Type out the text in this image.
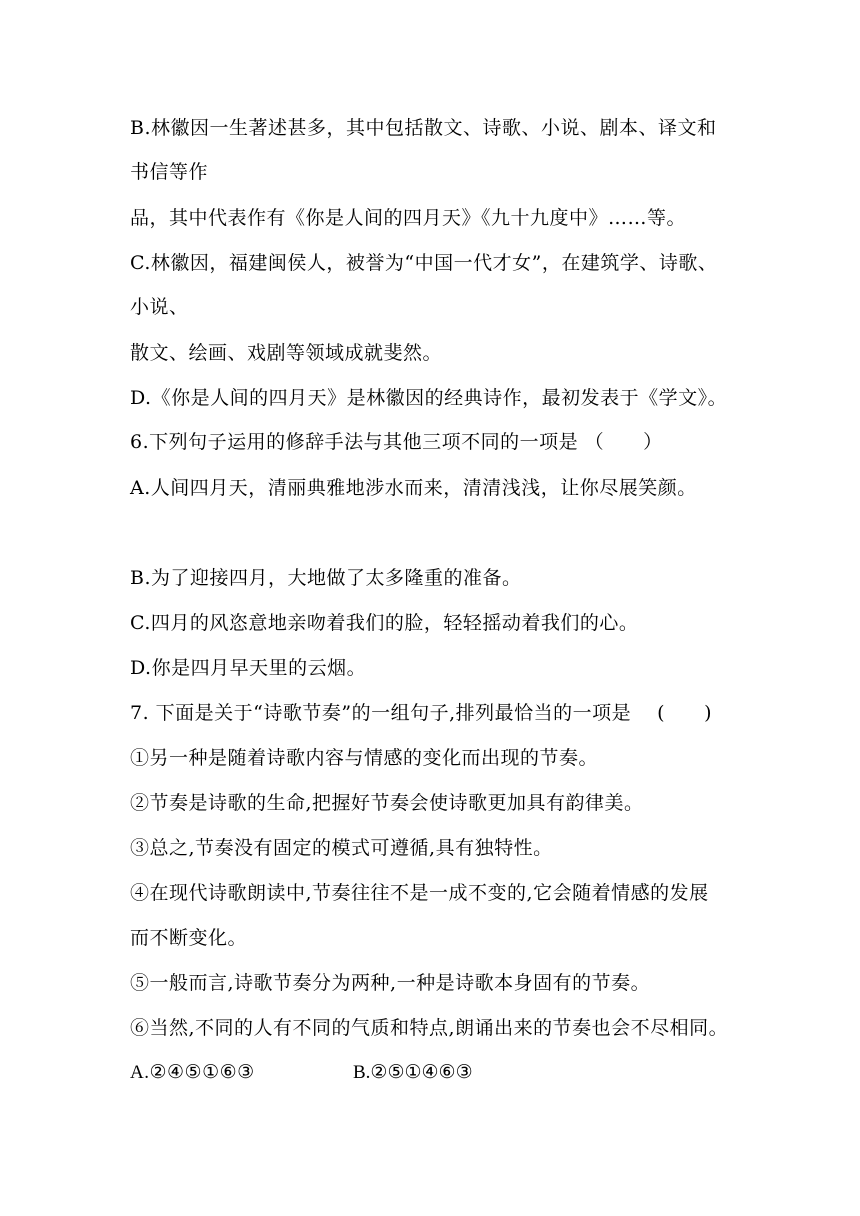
B.林徽因一生著述甚多，其中包括散文、诗歌、小说、剧本、译文和
书信等作
品，其中代表作有《你是人间的四月天》《九十九度中》……等。
C.林徽因，福建闽侯人，被誉为“中国一代才女”，在建筑学、诗歌、
小说、
散文、绘画、戏剧等领域成就斐然。
D.《你是人间的四月天》是林徽因的经典诗作，最初发表于《学文》。
6.下列句子运用的修辞手法与其他三项不同的一项是 （　　）
A.人间四月天，清丽典雅地涉水而来，清清浅浅，让你尽展笑颜。
B.为了迎接四月，大地做了太多隆重的准备。
C.四月的风恣意地亲吻着我们的脸，轻轻摇动着我们的心。
D.你是四月早天里的云烟。
7. 下面是关于“诗歌节奏”的一组句子,排列最恰当的一项是　 (　　)
①另一种是随着诗歌内容与情感的变化而出现的节奏。
②节奏是诗歌的生命,把握好节奏会使诗歌更加具有韵律美。
③总之,节奏没有固定的模式可遵循,具有独特性。
④在现代诗歌朗读中,节奏往往不是一成不变的,它会随着情感的发展
而不断变化。
⑤一般而言,诗歌节奏分为两种,一种是诗歌本身固有的节奏。
⑥当然,不同的人有不同的气质和特点,朗诵出来的节奏也会不尽相同。
A.②④⑤①⑥③	B.②⑤①④⑥③
